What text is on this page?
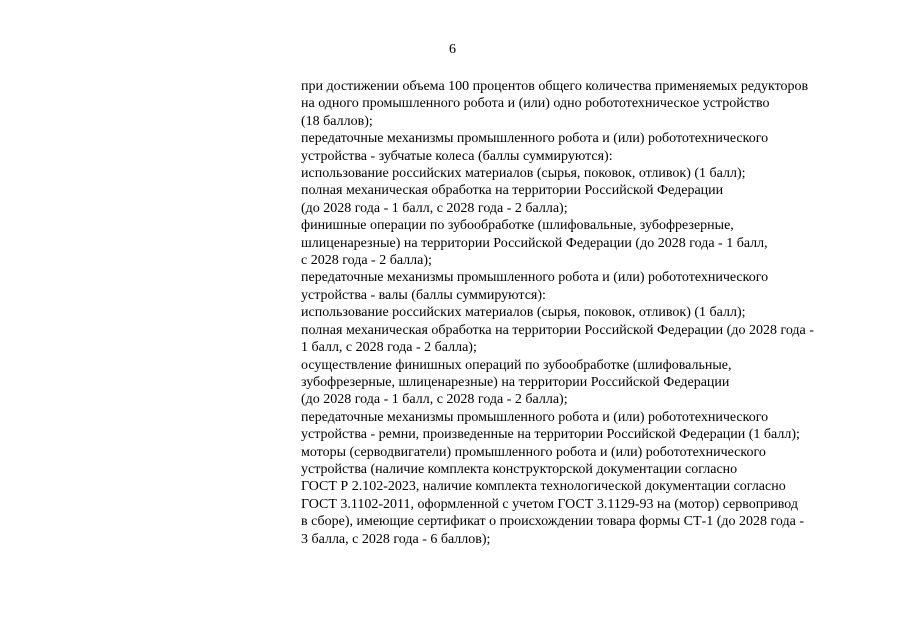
6
при достижении объема 100 процентов общего количества применяемых редукторов
на одного промышленного робота и (или) одно робототехническое устройство
(18 баллов);
передаточные механизмы промышленного робота и (или) робототехнического
устройства - зубчатые колеса (баллы суммируются):
использование российских материалов (сырья, поковок, отливок) (1 балл);
полная механическая обработка на территории Российской Федерации
(до 2028 года - 1 балл, с 2028 года - 2 балла);
финишные операции по зубообработке (шлифовальные, зубофрезерные,
шлиценарезные) на территории Российской Федерации (до 2028 года - 1 балл,
с 2028 года - 2 балла);
передаточные механизмы промышленного робота и (или) робототехнического
устройства - валы (баллы суммируются):
использование российских материалов (сырья, поковок, отливок) (1 балл);
полная механическая обработка на территории Российской Федерации (до 2028 года -
1 балл, с 2028 года - 2 балла);
осуществление финишных операций по зубообработке (шлифовальные,
зубофрезерные, шлиценарезные) на территории Российской Федерации
(до 2028 года - 1 балл, с 2028 года - 2 балла);
передаточные механизмы промышленного робота и (или) робототехнического
устройства - ремни, произведенные на территории Российской Федерации (1 балл);
моторы (серводвигатели) промышленного робота и (или) робототехнического
устройства (наличие комплекта конструкторской документации согласно
ГОСТ Р 2.102-2023, наличие комплекта технологической документации согласно
ГОСТ 3.1102-2011, оформленной с учетом ГОСТ 3.1129-93 на (мотор) сервопривод
в сборе), имеющие сертификат о происхождении товара формы СТ-1 (до 2028 года -
3 балла, с 2028 года - 6 баллов);
